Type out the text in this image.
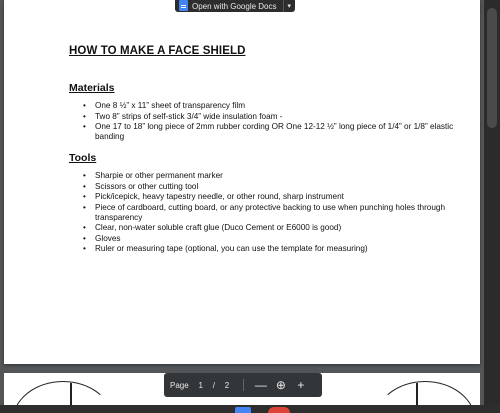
HOW TO MAKE A FACE SHIELD
Materials
• One 8 ½” x 11” sheet of transparency film
• Two 8” strips of self-stick 3/4” wide insulation foam -
• One 17 to 18” long piece of 2mm rubber cording OR One 12-12 ½” long piece of 1/4” or 1/8” elastic banding
Tools
• Sharpie or other permanent marker
• Scissors or other cutting tool
• Pick/icepick, heavy tapestry needle, or other round, sharp instrument
• Piece of cardboard, cutting board, or any protective backing to use when punching holes through transparency
• Clear, non-water soluble craft glue (Duco Cement or E6000 is good)
• Gloves
• Ruler or measuring tape (optional, you can use the template for measuring)
Open with Google Docs	▾
Page	1	/	2	— ⊕ +
